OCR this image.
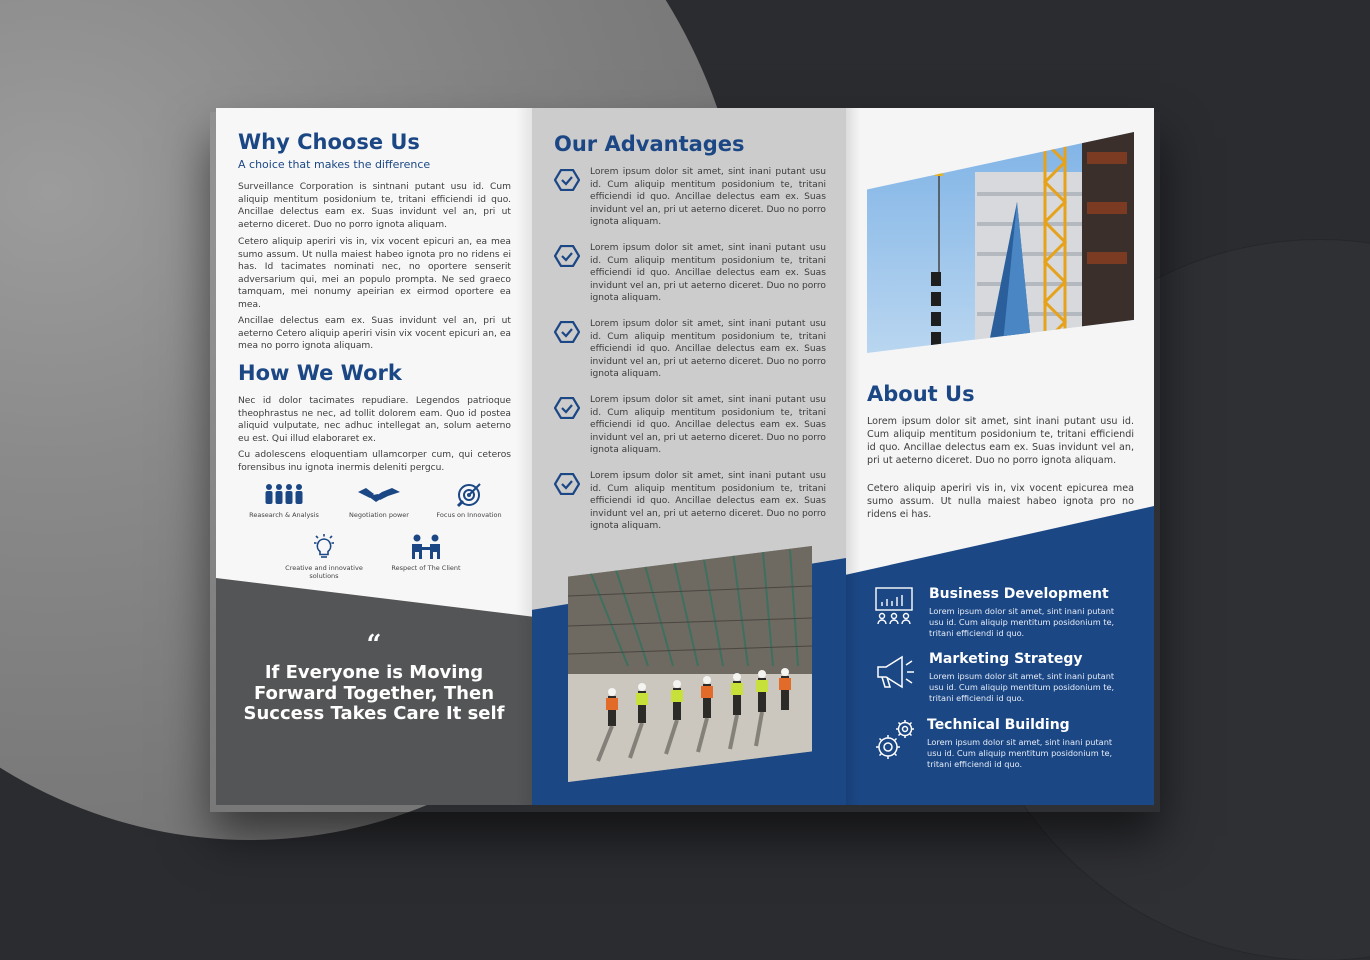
Why Choose Us
A choice that makes the difference

Surveillance Corporation is sintnani putant usu id. Cum aliquip mentitum posidonium te, tritani efficiendi id quo. Ancillae delectus eam ex. Suas invidunt vel an, pri ut aeterno diceret. Duo no porro ignota aliquam.

Cetero aliquip aperiri vis in, vix vocent epicuri an, ea mea sumo assum. Ut nulla maiest habeo ignota pro no ridens ei has. Id tacimates nominati nec, no oportere senserit adversarium qui, mei an populo prompta. Ne sed graeco tamquam, mei nonumy apeirian ex eirmod oportere ea mea.

Ancillae delectus eam ex. Suas invidunt vel an, pri ut aeterno Cetero aliquip aperiri visin vix vocent epicuri an, ea mea no porro ignota aliquam.

How We Work

Nec id dolor tacimates repudiare. Legendos patrioque theophrastus ne nec, ad tollit dolorem eam. Quo id postea aliquid vulputate, nec adhuc intellegat an, solum aeterno eu est. Qui illud elaboraret ex.

Cu adolescens eloquentiam ullamcorper cum, qui ceteros forensibus inu ignota inermis deleniti pergcu.

Reasearch & Analysis	Negotiation power	Focus on Innovation
Creative and innovative solutions
Respect of The Client
“
If Everyone is Moving Forward Together, Then Success Takes Care It self
Our Advantages

Lorem ipsum dolor sit amet, sint inani putant usu id. Cum aliquip mentitum posidonium te, tritani efficiendi id quo. Ancillae delectus eam ex. Suas invidunt vel an, pri ut aeterno diceret. Duo no porro ignota aliquam.

Lorem ipsum dolor sit amet, sint inani putant usu id. Cum aliquip mentitum posidonium te, tritani efficiendi id quo. Ancillae delectus eam ex. Suas invidunt vel an, pri ut aeterno diceret. Duo no porro ignota aliquam.

Lorem ipsum dolor sit amet, sint inani putant usu id. Cum aliquip mentitum posidonium te, tritani efficiendi id quo. Ancillae delectus eam ex. Suas invidunt vel an, pri ut aeterno diceret. Duo no porro ignota aliquam.

Lorem ipsum dolor sit amet, sint inani putant usu id. Cum aliquip mentitum posidonium te, tritani efficiendi id quo. Ancillae delectus eam ex. Suas invidunt vel an, pri ut aeterno diceret. Duo no porro ignota aliquam.

Lorem ipsum dolor sit amet, sint inani putant usu id. Cum aliquip mentitum posidonium te, tritani efficiendi id quo. Ancillae delectus eam ex. Suas invidunt vel an, pri ut aeterno diceret. Duo no porro ignota aliquam.

About Us

Lorem ipsum dolor sit amet, sint inani putant usu id. Cum aliquip mentitum posidonium te, tritani efficiendi id quo. Ancillae delectus eam ex. Suas invidunt vel an, pri ut aeterno diceret. Duo no porro ignota aliquam.

Cetero aliquip aperiri vis in, vix vocent epicurea mea sumo assum. Ut nulla maiest habeo ignota pro no ridens ei has.

Business Development
Lorem ipsum dolor sit amet, sint inani putant usu id. Cum aliquip mentitum posidonium te, tritani efficiendi id quo.
Marketing Strategy
Lorem ipsum dolor sit amet, sint inani putant usu id. Cum aliquip mentitum posidonium te, tritani efficiendi id quo.
Technical Building
Lorem ipsum dolor sit amet, sint inani putant usu id. Cum aliquip mentitum posidonium te, tritani efficiendi id quo.
